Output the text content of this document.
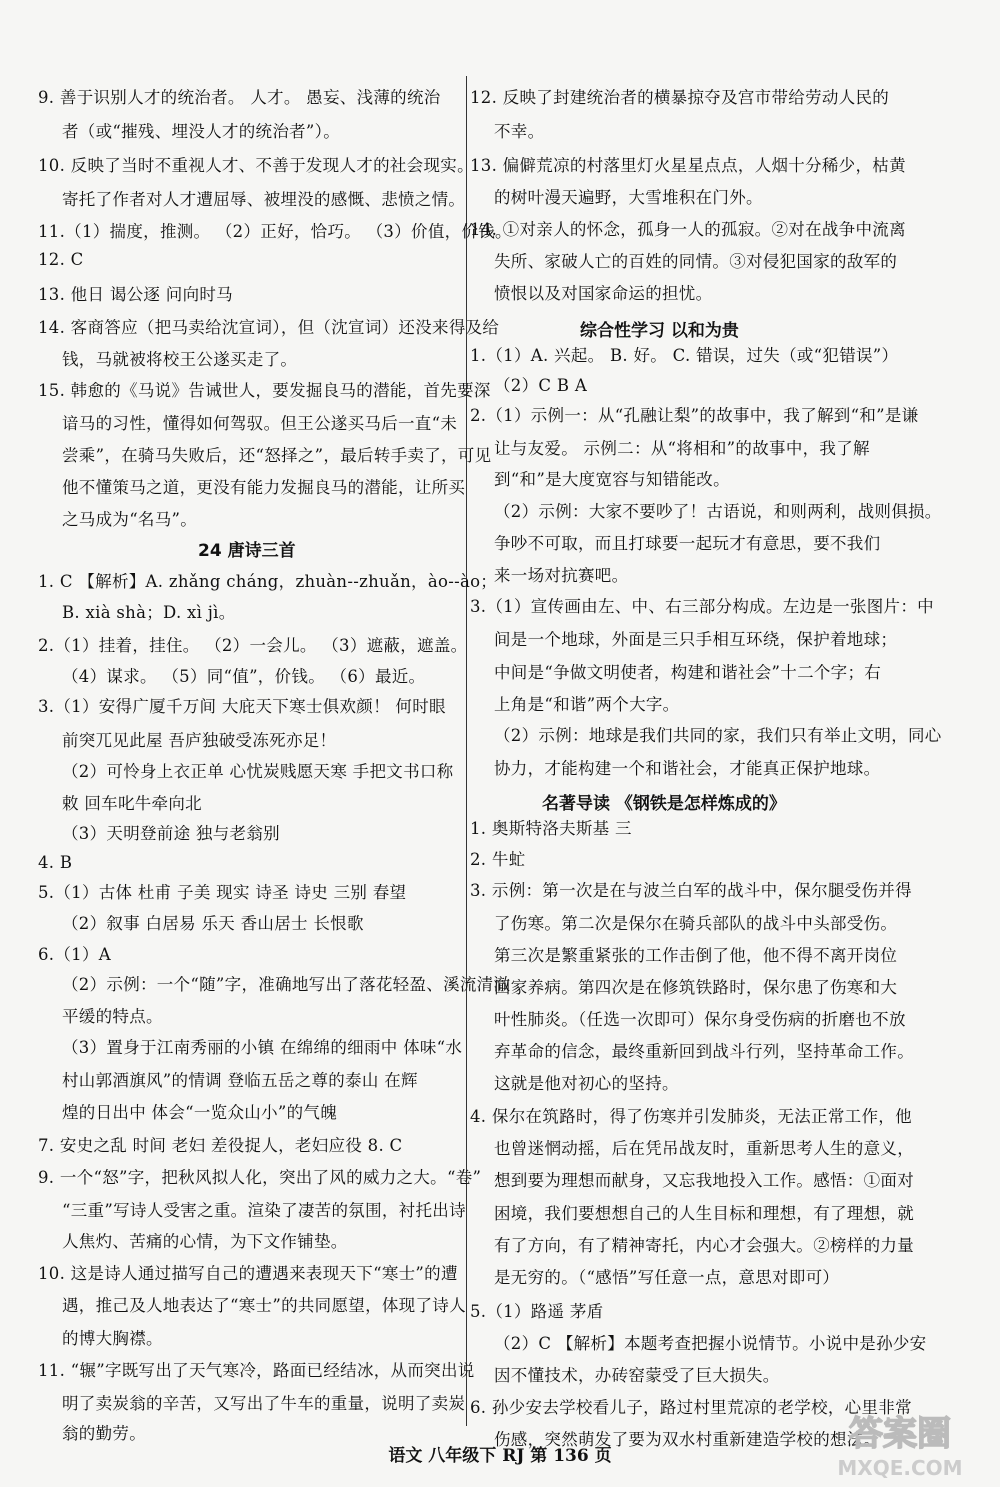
24 唐诗三首
9. 善于识别人才的统治者。 人才。 愚妄、浅薄的统治
者（或“摧残、埋没人才的统治者”）。
10. 反映了当时不重视人才、不善于发现人才的社会现实。
寄托了作者对人才遭屈辱、被埋没的感慨、悲愤之情。
11.（1）揣度，推测。 （2）正好，恰巧。 （3）价值，价钱。
12. C
13. 他日 谒公逐 问向时马
14. 客商答应（把马卖给沈宣词），但（沈宣词）还没来得及给
钱，马就被将校王公遂买走了。
15. 韩愈的《马说》告诫世人，要发掘良马的潜能，首先要深
谙马的习性，懂得如何驾驭。但王公遂买马后一直“未
尝乘”，在骑马失败后，还“怒择之”，最后转手卖了，可见
他不懂策马之道，更没有能力发掘良马的潜能，让所买
之马成为“名马”。
1. C 【解析】A. zhǎng cháng，zhuàn--zhuǎn，ào--ào；
B. xià shà；D. xì jì。
2.（1）挂着，挂住。 （2）一会儿。 （3）遮蔽，遮盖。
（4）谋求。 （5）同“值”，价钱。 （6）最近。
3.（1）安得广厦千万间 大庇天下寒士俱欢颜！ 何时眼
前突兀见此屋 吾庐独破受冻死亦足！
（2）可怜身上衣正单 心忧炭贱愿天寒 手把文书口称
敕 回车叱牛牵向北
（3）天明登前途 独与老翁别
4. B
5.（1）古体 杜甫 子美 现实 诗圣 诗史 三别 春望
（2）叙事 白居易 乐天 香山居士 长恨歌
6.（1）A
（2）示例：一个“随”字，准确地写出了落花轻盈、溪流清澈
平缓的特点。
（3）置身于江南秀丽的小镇 在绵绵的细雨中 体味“水
村山郭酒旗风”的情调 登临五岳之尊的泰山 在辉
煌的日出中 体会“一览众山小”的气魄
7. 安史之乱 时间 老妇 差役捉人，老妇应役 8. C
9. 一个“怒”字，把秋风拟人化，突出了风的威力之大。“卷”
“三重”写诗人受害之重。渲染了凄苦的氛围，衬托出诗
人焦灼、苦痛的心情，为下文作铺垫。
10. 这是诗人通过描写自己的遭遇来表现天下“寒士”的遭
遇，推己及人地表达了“寒士”的共同愿望，体现了诗人
的博大胸襟。
11. “辗”字既写出了天气寒冷，路面已经结冰，从而突出说
明了卖炭翁的辛苦，又写出了牛车的重量，说明了卖炭
翁的勤劳。
综合性学习 以和为贵
名著导读 《钢铁是怎样炼成的》
12. 反映了封建统治者的横暴掠夺及宫市带给劳动人民的
不幸。
13. 偏僻荒凉的村落里灯火星星点点，人烟十分稀少，枯黄
的树叶漫天遍野，大雪堆积在门外。
14. ①对亲人的怀念，孤身一人的孤寂。②对在战争中流离
失所、家破人亡的百姓的同情。③对侵犯国家的敌军的
愤恨以及对国家命运的担忧。
1.（1）A. 兴起。 B. 好。 C. 错误，过失（或“犯错误”）
（2）C B A
2.（1）示例一：从“孔融让梨”的故事中，我了解到“和”是谦
让与友爱。 示例二：从“将相和”的故事中，我了解
到“和”是大度宽容与知错能改。
（2）示例：大家不要吵了！古语说，和则两利，战则俱损。
争吵不可取，而且打球要一起玩才有意思，要不我们
来一场对抗赛吧。
3.（1）宣传画由左、中、右三部分构成。左边是一张图片：中
间是一个地球，外面是三只手相互环绕，保护着地球；
中间是“争做文明使者，构建和谐社会”十二个字；右
上角是“和谐”两个大字。
（2）示例：地球是我们共同的家，我们只有举止文明，同心
协力，才能构建一个和谐社会，才能真正保护地球。
1. 奥斯特洛夫斯基 三
2. 牛虻
3. 示例：第一次是在与波兰白军的战斗中，保尔腿受伤并得
了伤寒。第二次是保尔在骑兵部队的战斗中头部受伤。
第三次是繁重紧张的工作击倒了他，他不得不离开岗位
回家养病。第四次是在修筑铁路时，保尔患了伤寒和大
叶性肺炎。（任选一次即可）保尔身受伤病的折磨也不放
弃革命的信念，最终重新回到战斗行列，坚持革命工作。
这就是他对初心的坚持。
4. 保尔在筑路时，得了伤寒并引发肺炎，无法正常工作，他
也曾迷惘动摇，后在凭吊战友时，重新思考人生的意义，
想到要为理想而献身，又忘我地投入工作。感悟：①面对
困境，我们要想想自己的人生目标和理想，有了理想，就
有了方向，有了精神寄托，内心才会强大。②榜样的力量
是无穷的。（“感悟”写任意一点，意思对即可）
5.（1）路遥 茅盾
（2）C 【解析】本题考查把握小说情节。小说中是孙少安
因不懂技术，办砖窑蒙受了巨大损失。
6. 孙少安去学校看儿子，路过村里荒凉的老学校，心里非常
伤感，突然萌发了要为双水村重新建造学校的想法。
语文 八年级下 RJ 第 136 页
答案圈
MXQE.COM
